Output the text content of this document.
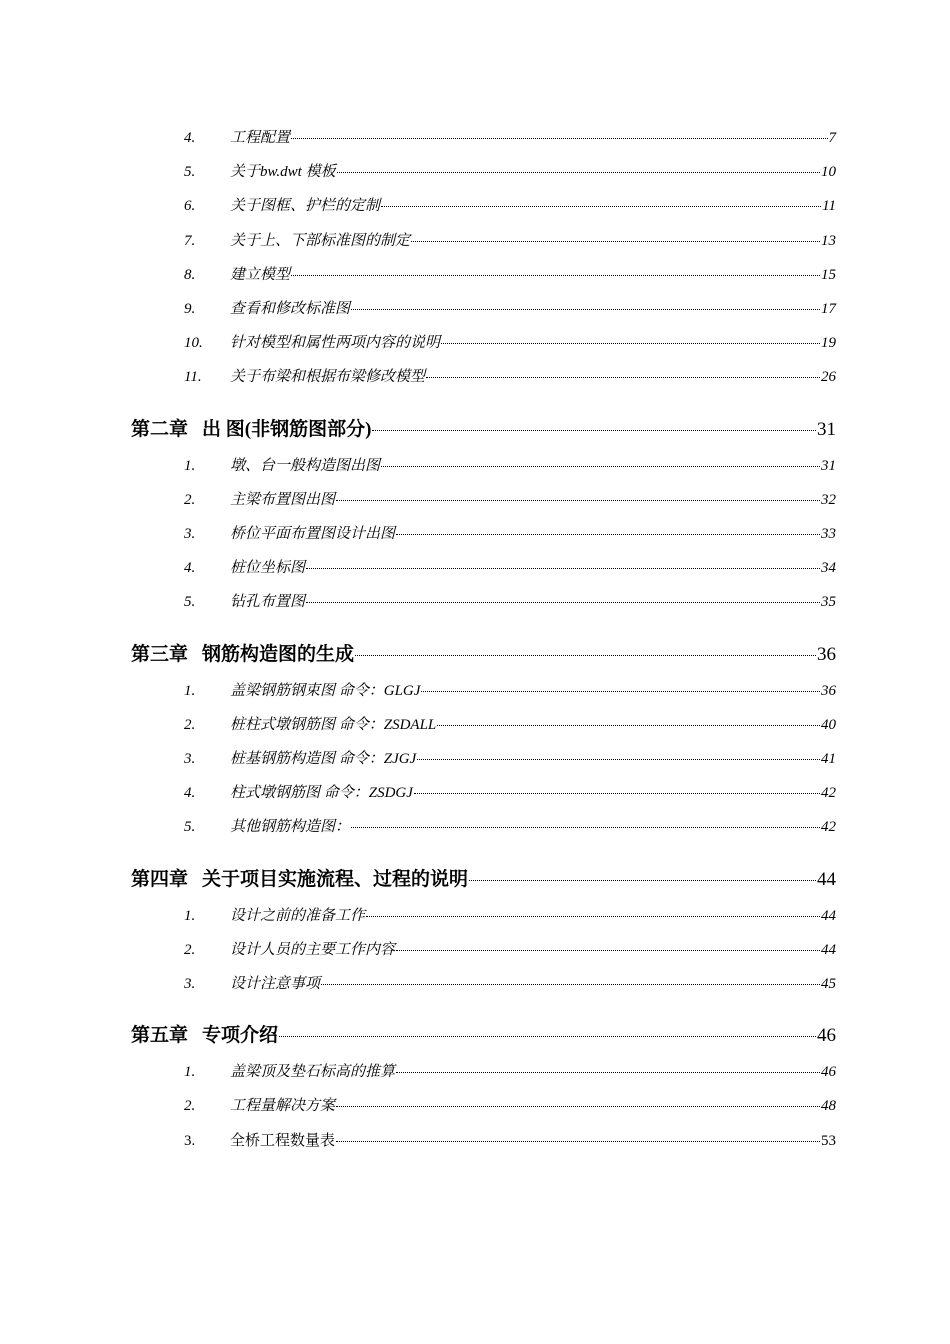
4.	工程配置	7
5.	关于bw.dwt 模板	10
6.	关于图框、护栏的定制	11
7.	关于上、下部标准图的制定	13
8.	建立模型	15
9.	查看和修改标准图	17
10.	针对模型和属性两项内容的说明	19
11.	关于布梁和根据布梁修改模型	26
第二章 出 图(非钢筋图部分)	31
1.	墩、台一般构造图出图	31
2.	主梁布置图出图	32
3.	桥位平面布置图设计出图	33
4.	桩位坐标图	34
5.	钻孔布置图	35
第三章 钢筋构造图的生成	36
1.	盖梁钢筋钢束图 命令：GLGJ	36
2.	桩柱式墩钢筋图 命令：ZSDALL	40
3.	桩基钢筋构造图 命令：ZJGJ	41
4.	柱式墩钢筋图 命令：ZSDGJ	42
5.	其他钢筋构造图：	42
第四章 关于项目实施流程、过程的说明	44
1.	设计之前的准备工作	44
2.	设计人员的主要工作内容	44
3.	设计注意事项	45
第五章 专项介绍	46
1.	盖梁顶及垫石标高的推算	46
2.	工程量解决方案	48
3.	全桥工程数量表	53
